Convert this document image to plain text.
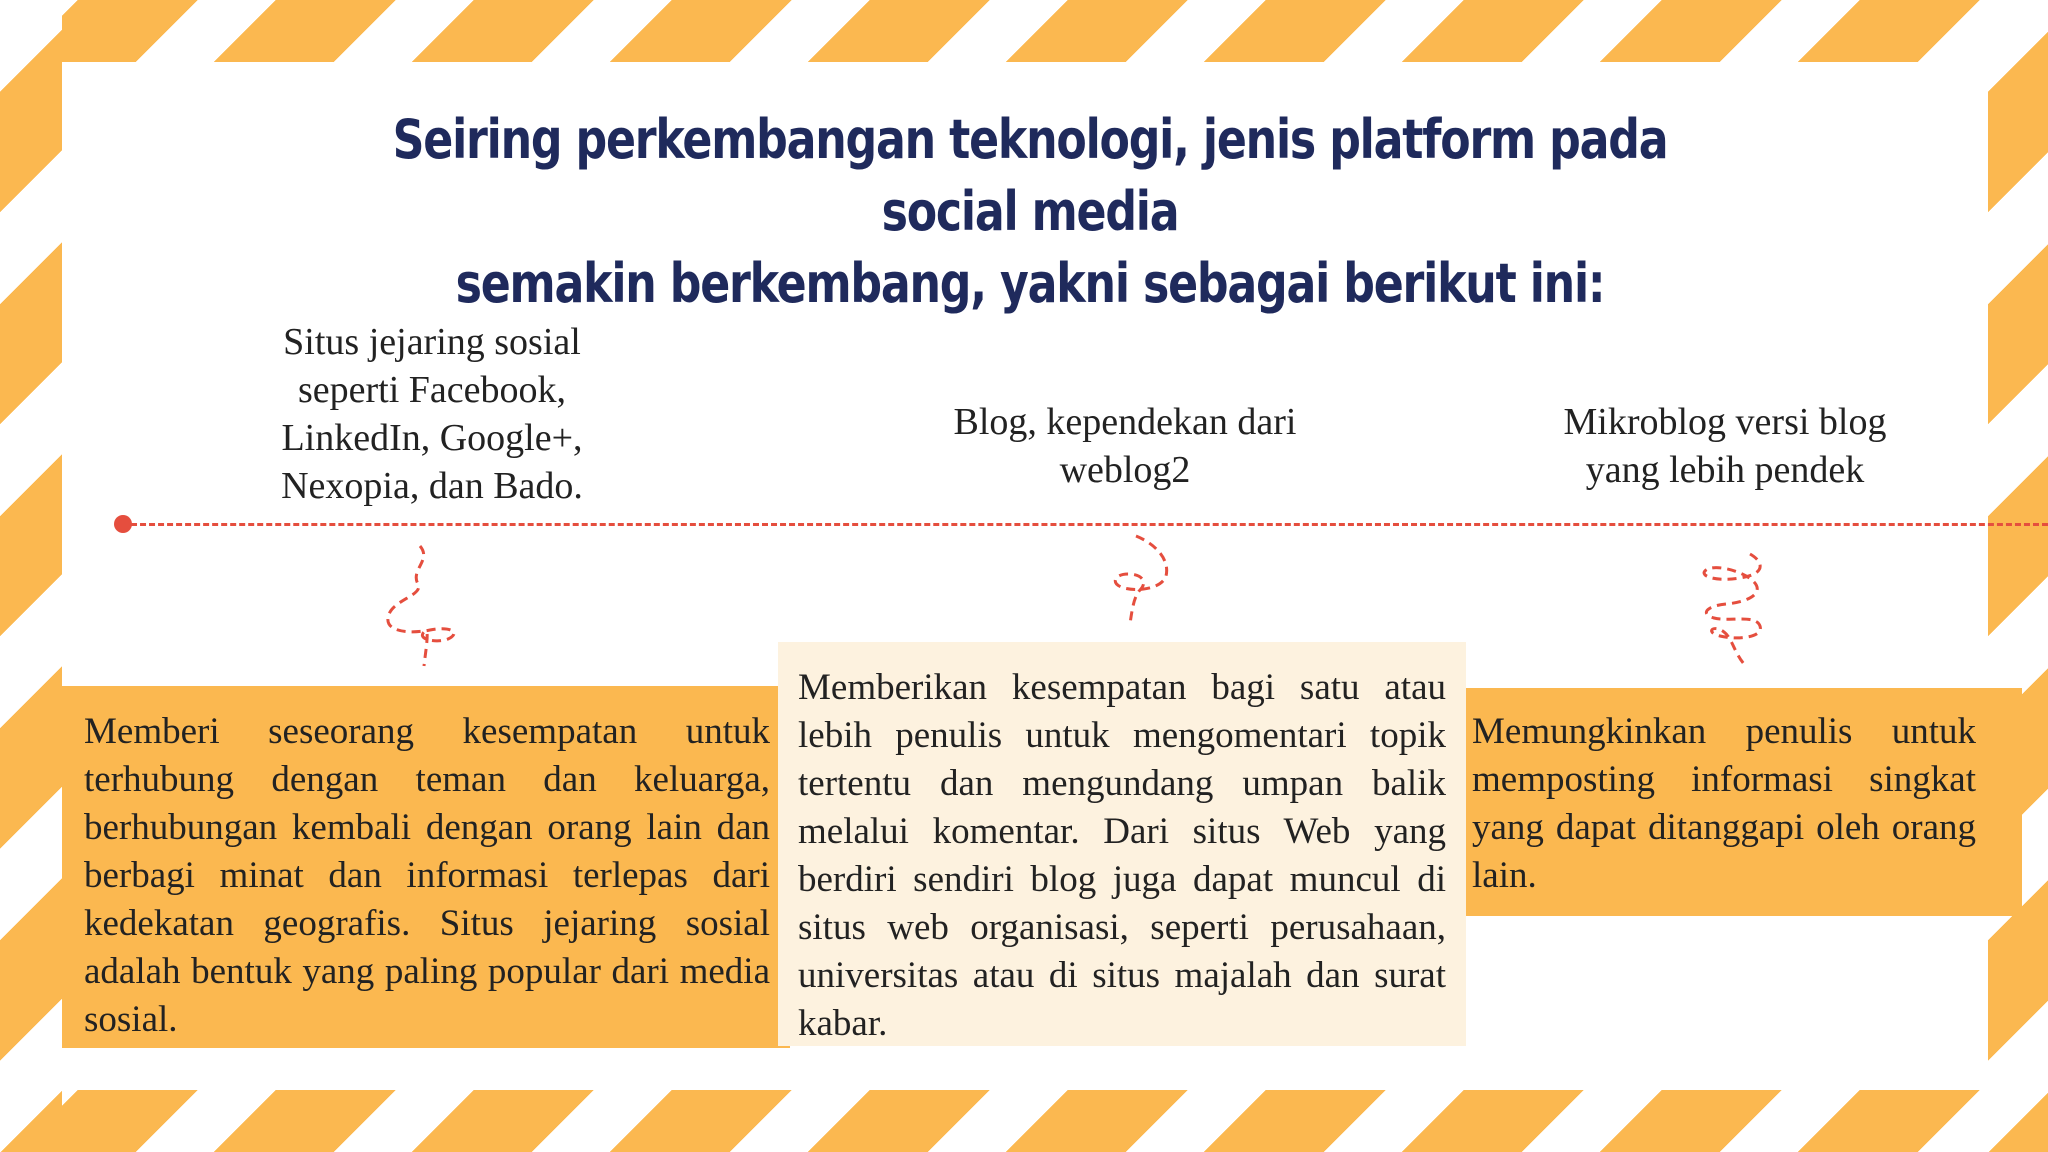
Seiring perkembangan teknologi, jenis platform pada social media
semakin berkembang, yakni sebagai berikut ini:
Situs jejaring sosial seperti Facebook, LinkedIn, Google+, Nexopia, dan Bado.
Blog, kependekan dari weblog2
Mikroblog versi blog yang lebih pendek
Memberi seseorang kesempatan untuk terhubung dengan teman dan keluarga, berhubungan kembali dengan orang lain dan berbagi minat dan informasi terlepas dari kedekatan geografis. Situs jejaring sosial adalah bentuk yang paling popular dari media sosial.
Memberikan kesempatan bagi satu atau lebih penulis untuk mengomentari topik tertentu dan mengundang umpan balik melalui komentar. Dari situs Web yang berdiri sendiri blog juga dapat muncul di situs web organisasi, seperti perusahaan, universitas atau di situs majalah dan surat kabar.
Memungkinkan penulis untuk memposting informasi singkat yang dapat ditanggapi oleh orang lain.
